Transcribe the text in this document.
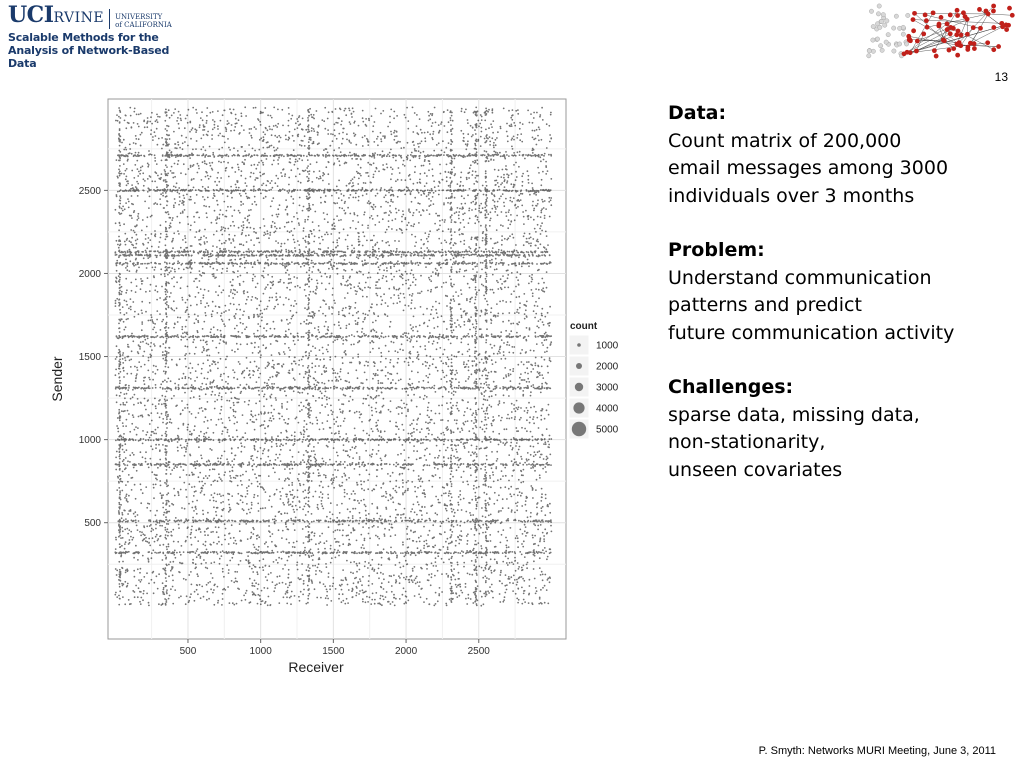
UCIRVINE UNIVERSITY
of CALIFORNIA
Scalable Methods for the
Analysis of Network-Based Data
13
500	1000	1500	2000	2500
500
1000
1500
2000
2500
Receiver
Sender
count
1000
2000
3000
4000
5000
Data:
Count matrix of 200,000
email messages among 3000
individuals over 3 months
Problem:
Understand communication
patterns and predict
future communication activity
Challenges:
sparse data, missing data,
non-stationarity,
unseen covariates
P. Smyth: Networks MURI Meeting, June 3, 2011
